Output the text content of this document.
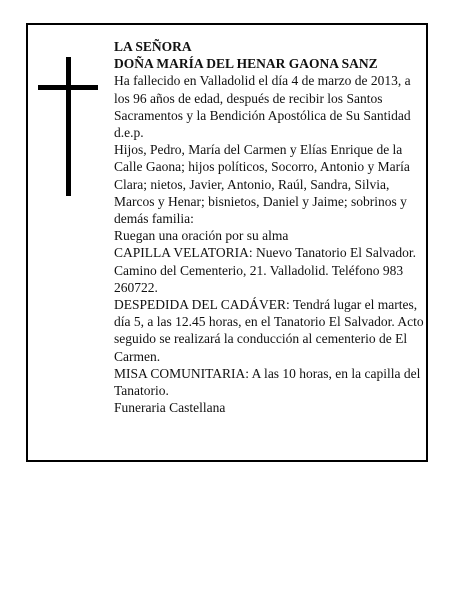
LA SEÑORA

DOÑA MARÍA DEL HENAR GAONA SANZ

Ha fallecido en Valladolid el día 4 de marzo de 2013, a los 96 años de edad, después de recibir los Santos Sacramentos y la Bendición Apostólica de Su Santidad d.e.p.

Hijos, Pedro, María del Carmen y Elías Enrique de la Calle Gaona; hijos políticos, Socorro, Antonio y María Clara; nietos, Javier, Antonio, Raúl, Sandra, Silvia, Marcos y Henar; bisnietos, Daniel y Jaime; sobrinos y demás familia:

Ruegan una oración por su alma

CAPILLA VELATORIA: Nuevo Tanatorio El Salvador. Camino del Cementerio, 21. Valladolid. Teléfono 983 260722.

DESPEDIDA DEL CADÁVER: Tendrá lugar el martes, día 5, a las 12.45 horas, en el Tanatorio El Salvador. Acto seguido se realizará la conducción al cementerio de El Carmen.

MISA COMUNITARIA: A las 10 horas, en la capilla del Tanatorio.

Funeraria Castellana
